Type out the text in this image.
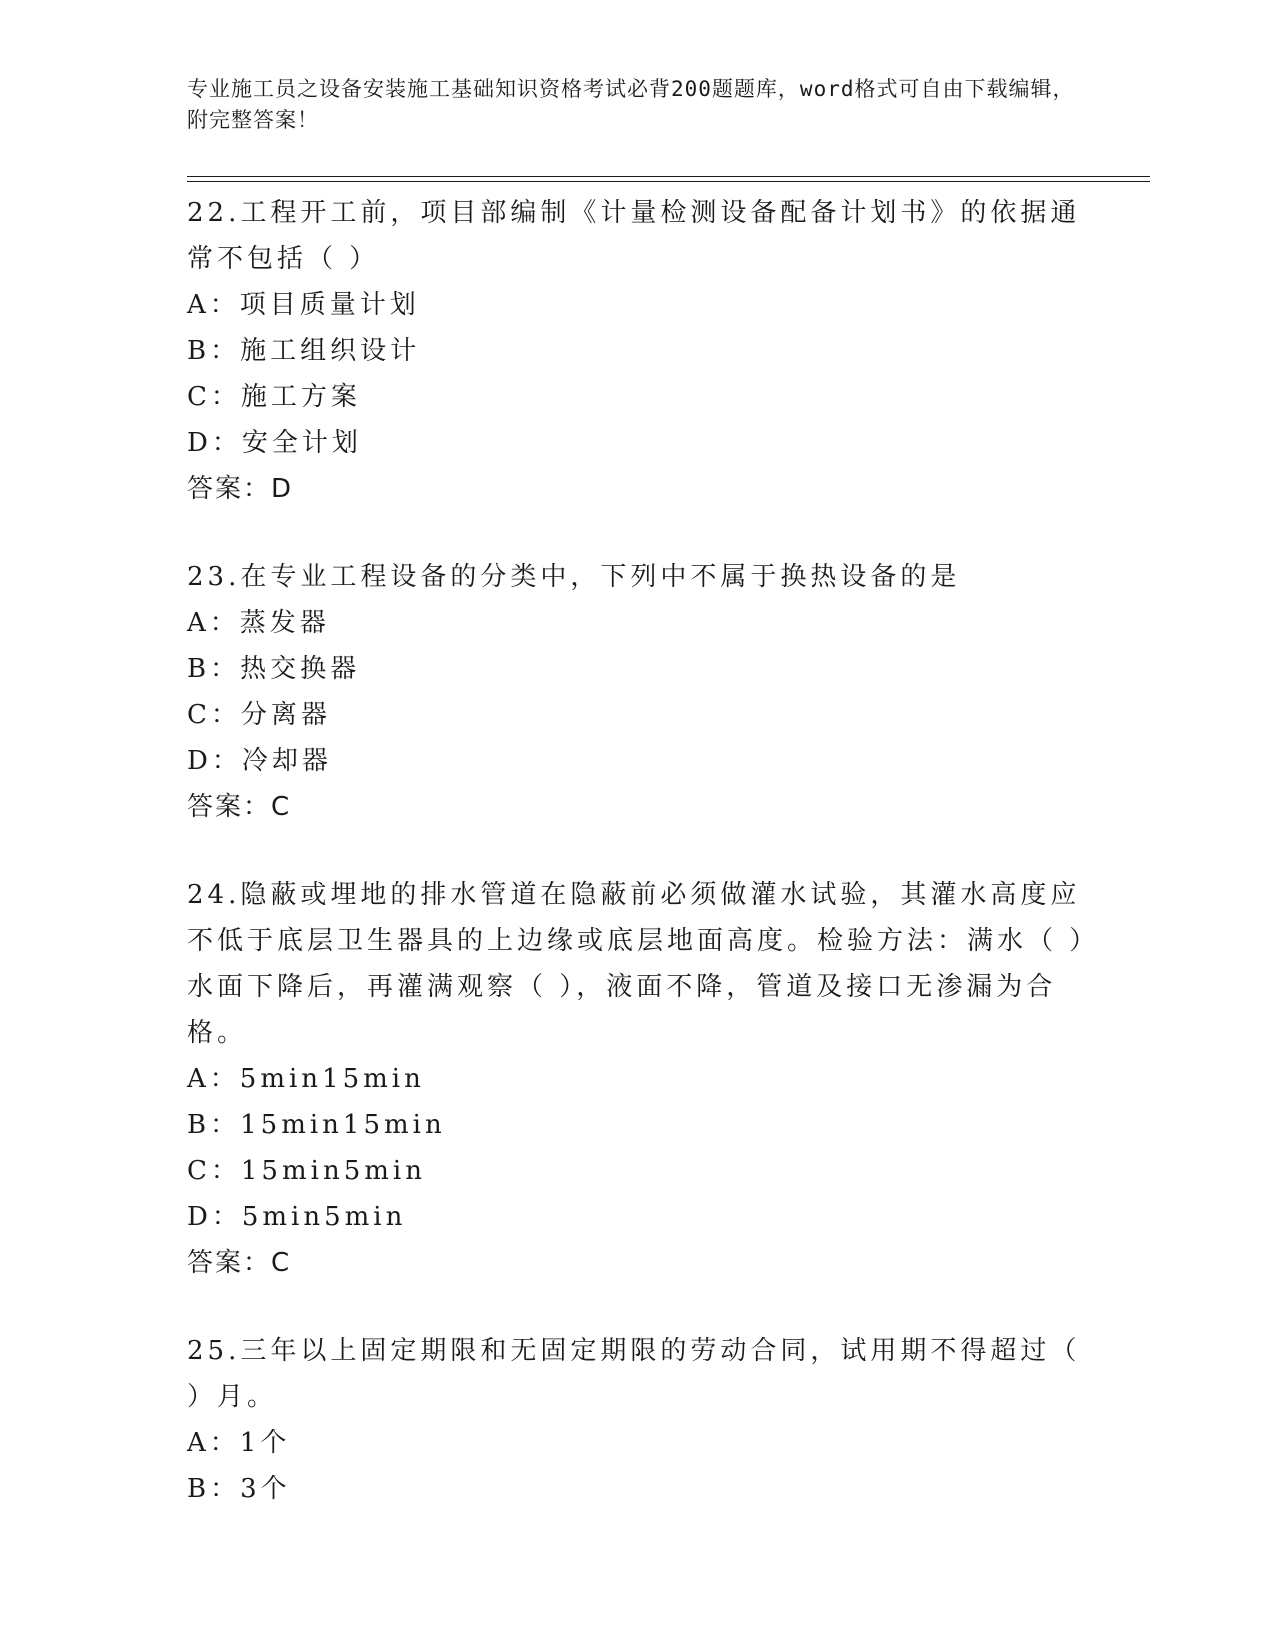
专业施工员之设备安装施工基础知识资格考试必背200题题库，word格式可自由下载编辑，附完整答案！
22.工程开工前，项目部编制《计量检测设备配备计划书》的依据通常不包括（ ）
A：项目质量计划
B：施工组织设计
C：施工方案
D：安全计划
答案：D
23.在专业工程设备的分类中，下列中不属于换热设备的是
A：蒸发器
B：热交换器
C：分离器
D：冷却器
答案：C
24.隐蔽或埋地的排水管道在隐蔽前必须做灌水试验，其灌水高度应不低于底层卫生器具的上边缘或底层地面高度。检验方法：满水（ ）水面下降后，再灌满观察（ ），液面不降，管道及接口无渗漏为合格。
A：5min15min
B：15min15min
C：15min5min
D：5min5min
答案：C
25.三年以上固定期限和无固定期限的劳动合同，试用期不得超过（ ）月。
A：1个
B：3个
